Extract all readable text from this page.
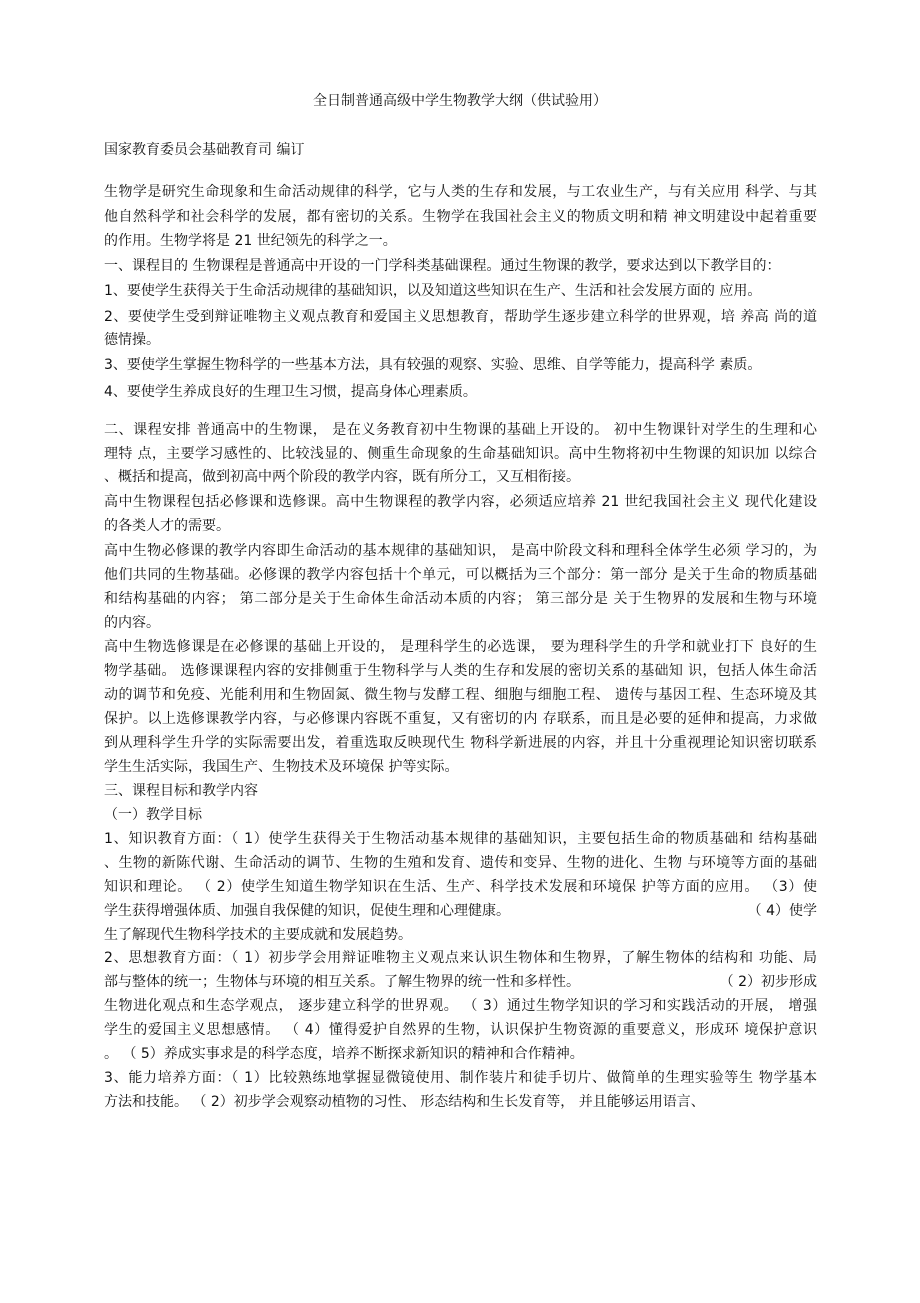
全日制普通高级中学生物教学大纲（供试验用）
国家教育委员会基础教育司 编订
生物学是研究生命现象和生命活动规律的科学，它与人类的生存和发展，与工农业生产，与有关应用 科学、与其
他自然科学和社会科学的发展，都有密切的关系。生物学在我国社会主义的物质文明和精 神文明建设中起着重要
的作用。生物学将是 21 世纪领先的科学之一。
一、课程目的 生物课程是普通高中开设的一门学科类基础课程。通过生物课的教学，要求达到以下教学目的：
1、要使学生获得关于生命活动规律的基础知识，以及知道这些知识在生产、生活和社会发展方面的 应用。
2、要使学生受到辩证唯物主义观点教育和爱国主义思想教育，帮助学生逐步建立科学的世界观，培 养高 尚的道
德情操。
3、要使学生掌握生物科学的一些基本方法，具有较强的观察、实验、思维、自学等能力，提高科学 素质。
4、要使学生养成良好的生理卫生习惯，提高身体心理素质。
二、课程安排 普通高中的生物课， 是在义务教育初中生物课的基础上开设的。 初中生物课针对学生的生理和心
理特 点，主要学习感性的、比较浅显的、侧重生命现象的生命基础知识。高中生物将初中生物课的知识加 以综合
、概括和提高，做到初高中两个阶段的教学内容，既有所分工，又互相衔接。
高中生物课程包括必修课和选修课。高中生物课程的教学内容，必须适应培养 21 世纪我国社会主义 现代化建设
的各类人才的需要。
高中生物必修课的教学内容即生命活动的基本规律的基础知识， 是高中阶段文科和理科全体学生必须 学习的，为
他们共同的生物基础。必修课的教学内容包括十个单元，可以概括为三个部分：第一部分 是关于生命的物质基础
和结构基础的内容； 第二部分是关于生命体生命活动本质的内容； 第三部分是 关于生物界的发展和生物与环境
的内容。
高中生物选修课是在必修课的基础上开设的， 是理科学生的必选课， 要为理科学生的升学和就业打下 良好的生
物学基础。 选修课课程内容的安排侧重于生物科学与人类的生存和发展的密切关系的基础知 识，包括人体生命活
动的调节和免疫、光能利用和生物固氮、微生物与发酵工程、细胞与细胞工程、 遗传与基因工程、生态环境及其
保护。以上选修课教学内容，与必修课内容既不重复，又有密切的内 存联系，而且是必要的延伸和提高，力求做
到从理科学生升学的实际需要出发，着重选取反映现代生 物科学新进展的内容，并且十分重视理论知识密切联系
学生生活实际，我国生产、生物技术及环境保 护等实际。
三、课程目标和教学内容
（一）教学目标
1、知识教育方面：（ 1）使学生获得关于生物活动基本规律的基础知识，主要包括生命的物质基础和 结构基础
、生物的新陈代谢、生命活动的调节、生物的生殖和发育、遗传和变异、生物的进化、生物 与环境等方面的基础
知识和理论。 （ 2）使学生知道生物学知识在生活、生产、科学技术发展和环境保 护等方面的应用。 （3）使
学生获得增强体质、加强自我保健的知识，促使生理和心理健康。	（ 4）使学
生了解现代生物科学技术的主要成就和发展趋势。
2、思想教育方面：（ 1）初步学会用辩证唯物主义观点来认识生物体和生物界，了解生物体的结构和 功能、局
部与整体的统一；生物体与环境的相互关系。了解生物界的统一性和多样性。	（ 2）初步形成
生物进化观点和生态学观点， 逐步建立科学的世界观。 （ 3）通过生物学知识的学习和实践活动的开展， 增强
学生的爱国主义思想感情。 （ 4）懂得爱护自然界的生物，认识保护生物资源的重要意义，形成环 境保护意识
。 （ 5）养成实事求是的科学态度，培养不断探求新知识的精神和合作精神。
3、能力培养方面：（ 1）比较熟练地掌握显微镜使用、制作装片和徒手切片、做简单的生理实验等生 物学基本
方法和技能。 （ 2）初步学会观察动植物的习性、 形态结构和生长发育等， 并且能够运用语言、
